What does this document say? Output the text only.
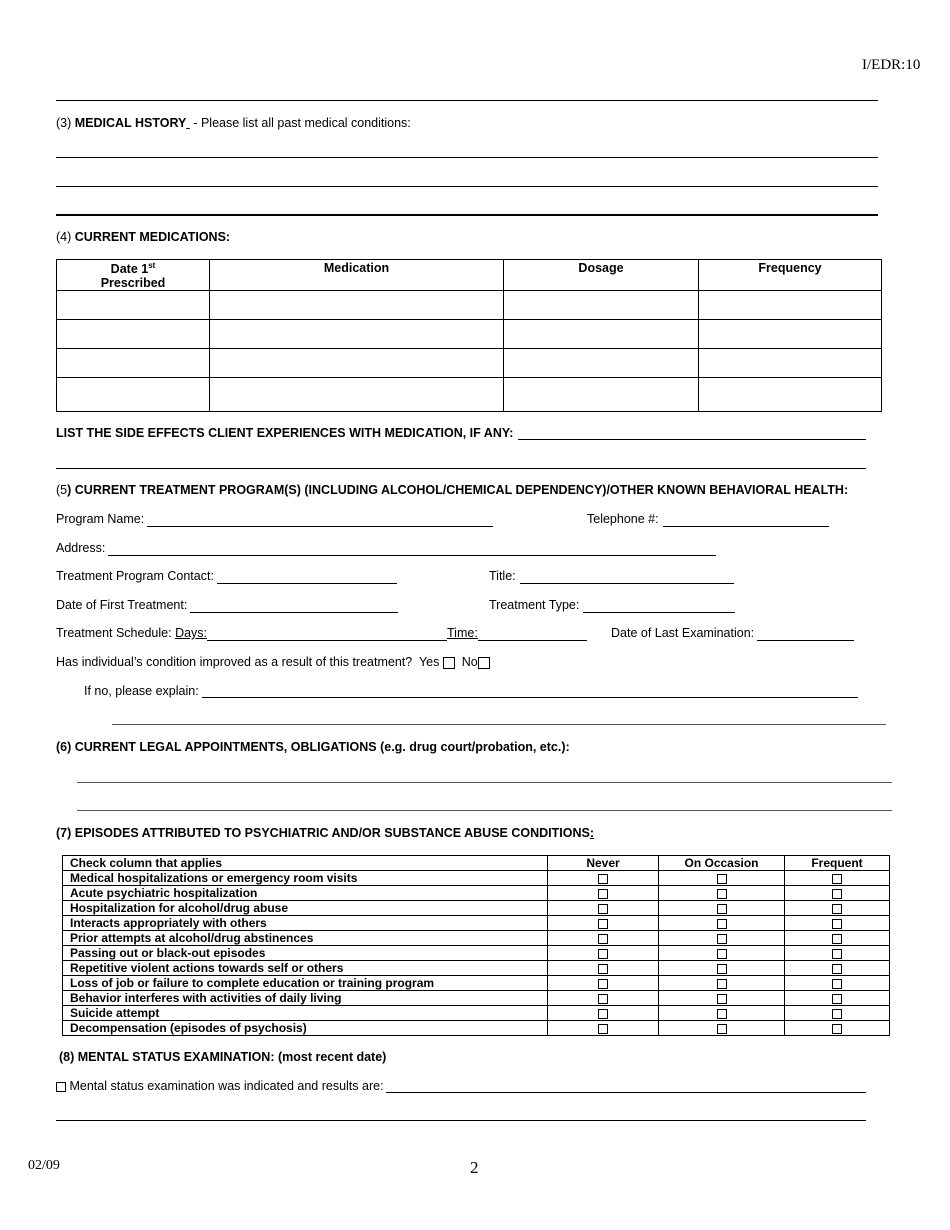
I/EDR:10
(3) MEDICAL HSTORY  - Please list all past medical conditions:
(4) CURRENT MEDICATIONS:
Date 1st
Prescribed	Medication	Dosage	Frequency

LIST THE SIDE EFFECTS CLIENT EXPERIENCES WITH MEDICATION, IF ANY:
(5) CURRENT TREATMENT PROGRAM(S) (INCLUDING ALCOHOL/CHEMICAL DEPENDENCY)/OTHER KNOWN BEHAVIORAL HEALTH:
Program Name:	Telephone #:
Address:
Treatment Program Contact:	Title:
Date of First Treatment:	Treatment Type:
Treatment Schedule: Days:	Time:	Date of Last Examination:
Has individual’s condition improved as a result of this treatment? Yes No
If no, please explain:
(6) CURRENT LEGAL APPOINTMENTS, OBLIGATIONS (e.g. drug court/probation, etc.):
(7) EPISODES ATTRIBUTED TO PSYCHIATRIC AND/OR SUBSTANCE ABUSE CONDITIONS:
Check column that applies	Never	On Occasion	Frequent
Medical hospitalizations or emergency room visits			
Acute psychiatric hospitalization			
Hospitalization for alcohol/drug abuse			
Interacts appropriately with others			
Prior attempts at alcohol/drug abstinences			
Passing out or black-out episodes			
Repetitive violent actions towards self or others			
Loss of job or failure to complete education or training program			
Behavior interferes with activities of daily living			
Suicide attempt			
Decompensation (episodes of psychosis)			
(8) MENTAL STATUS EXAMINATION: (most recent date)
Mental status examination was indicated and results are:
02/09	2
